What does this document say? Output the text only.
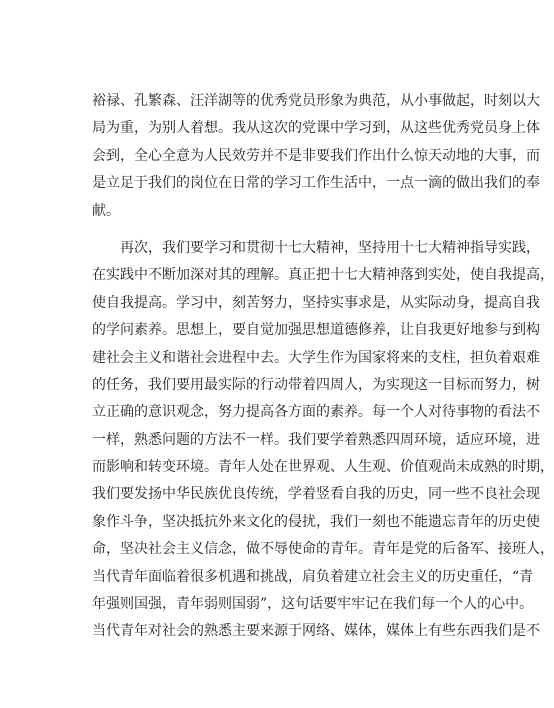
裕禄、孔繁森、汪洋湖等的优秀党员形象为典范，从小事做起，时刻以大
局为重，为别人着想。我从这次的党课中学习到，从这些优秀党员身上体
会到，全心全意为人民效劳并不是非要我们作出什么惊天动地的大事，而
是立足于我们的岗位在日常的学习工作生活中，一点一滴的做出我们的奉
献。
再次，我们要学习和贯彻十七大精神，坚持用十七大精神指导实践，
在实践中不断加深对其的理解。真正把十七大精神落到实处，使自我提高，
使自我提高。学习中，刻苦努力，坚持实事求是，从实际动身，提高自我
的学问素养。思想上，要自觉加强思想道德修养，让自我更好地参与到构
建社会主义和谐社会进程中去。大学生作为国家将来的支柱，担负着艰难
的任务，我们要用最实际的行动带着四周人，为实现这一目标而努力，树
立正确的意识观念，努力提高各方面的素养。每一个人对待事物的看法不
一样，熟悉问题的方法不一样。我们要学着熟悉四周环境，适应环境，进
而影响和转变环境。青年人处在世界观、人生观、价值观尚未成熟的时期，
我们要发扬中华民族优良传统，学着竖看自我的历史，同一些不良社会现
象作斗争，坚决抵抗外来文化的侵扰，我们一刻也不能遗忘青年的历史使
命，坚决社会主义信念，做不辱使命的青年。青年是党的后备军、接班人，
当代青年面临着很多机遇和挑战，肩负着建立社会主义的历史重任，“青
年强则国强，青年弱则国弱”，这句话要牢牢记在我们每一个人的心中。
当代青年对社会的熟悉主要来源于网络、媒体，媒体上有些东西我们是不
